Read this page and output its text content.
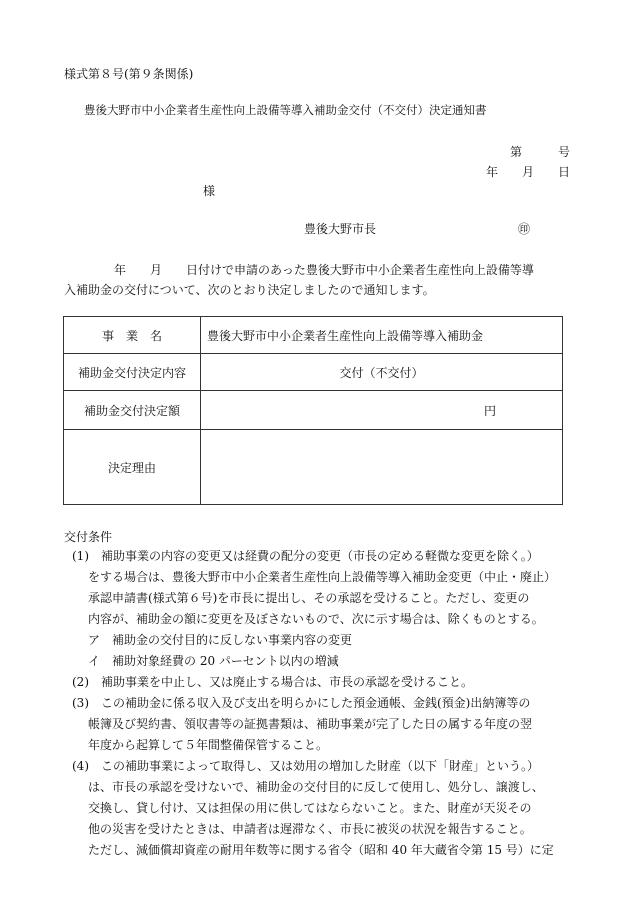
様式第８号(第９条関係)
豊後大野市中小企業者生産性向上設備等導入補助金交付（不交付）決定通知書
第　　　号
年　　月　　日
様
豊後大野市長	㊞
年　　月　　日付けで申請のあった豊後大野市中小企業者生産性向上設備等導
入補助金の交付について、次のとおり決定しましたので通知します。
事　業　名	豊後大野市中小企業者生産性向上設備等導入補助金
補助金交付決定内容	交付（不交付）
補助金交付決定額	円
決定理由	
交付条件
(1)　補助事業の内容の変更又は経費の配分の変更（市長の定める軽微な変更を除く。）
をする場合は、豊後大野市中小企業者生産性向上設備等導入補助金変更（中止・廃止）
承認申請書(様式第６号)を市長に提出し、その承認を受けること。ただし、変更の
内容が、補助金の額に変更を及ぼさないもので、次に示す場合は、除くものとする。
ア　補助金の交付目的に反しない事業内容の変更
イ　補助対象経費の 20 パーセント以内の増減
(2)　補助事業を中止し、又は廃止する場合は、市長の承認を受けること。
(3)　この補助金に係る収入及び支出を明らかにした預金通帳、金銭(預金)出納簿等の
帳簿及び契約書、領収書等の証拠書類は、補助事業が完了した日の属する年度の翌
年度から起算して５年間整備保管すること。
(4)　この補助事業によって取得し、又は効用の増加した財産（以下「財産」という。）
は、市長の承認を受けないで、補助金の交付目的に反して使用し、処分し、譲渡し、
交換し、貸し付け、又は担保の用に供してはならないこと。また、財産が天災その
他の災害を受けたときは、申請者は遅滞なく、市長に被災の状況を報告すること。
ただし、減価償却資産の耐用年数等に関する省令（昭和 40 年大蔵省令第 15 号）に定
